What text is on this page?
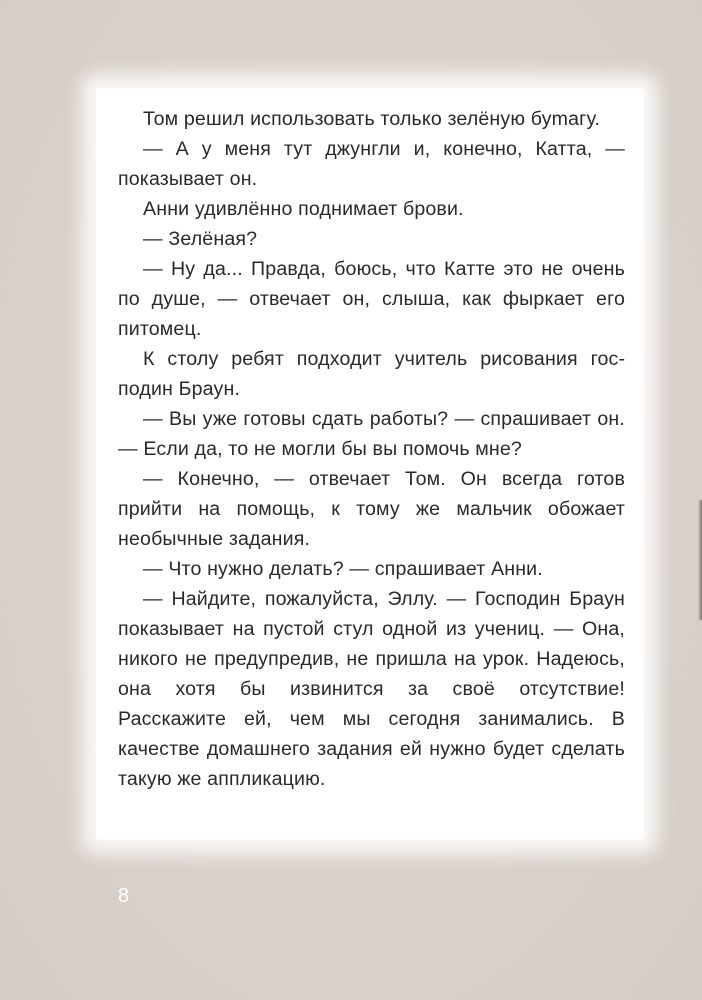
Том решил использовать только зелёную буmагу.

— А у меня тут джунгли и, конечно, Катта, — показывает он.

Анни удивлённо поднимает брови.

— Зелёная?

— Ну да... Правда, боюсь, что Катте это не очень по душе, — отвечает он, слыша, как фыркает его питомец.

К столу ребят подходит учитель рисования господин Браун.

— Вы уже готовы сдать работы? — спрашивает он. — Если да, то не могли бы вы помочь мне?

— Конечно, — отвечает Том. Он всегда готов прийти на помощь, к тому же мальчик обожает необычные задания.

— Что нужно делать? — спрашивает Анни.

— Найдите, пожалуйста, Эллу. — Господин Браун показывает на пустой стул одной из учениц. — Она, никого не предупредив, не пришла на урок. Надеюсь, она хотя бы извинится за своё отсутствие! Расскажите ей, чем мы сегодня занимались. В качестве домашнего задания ей нужно будет сделать такую же аппликацию.

8
